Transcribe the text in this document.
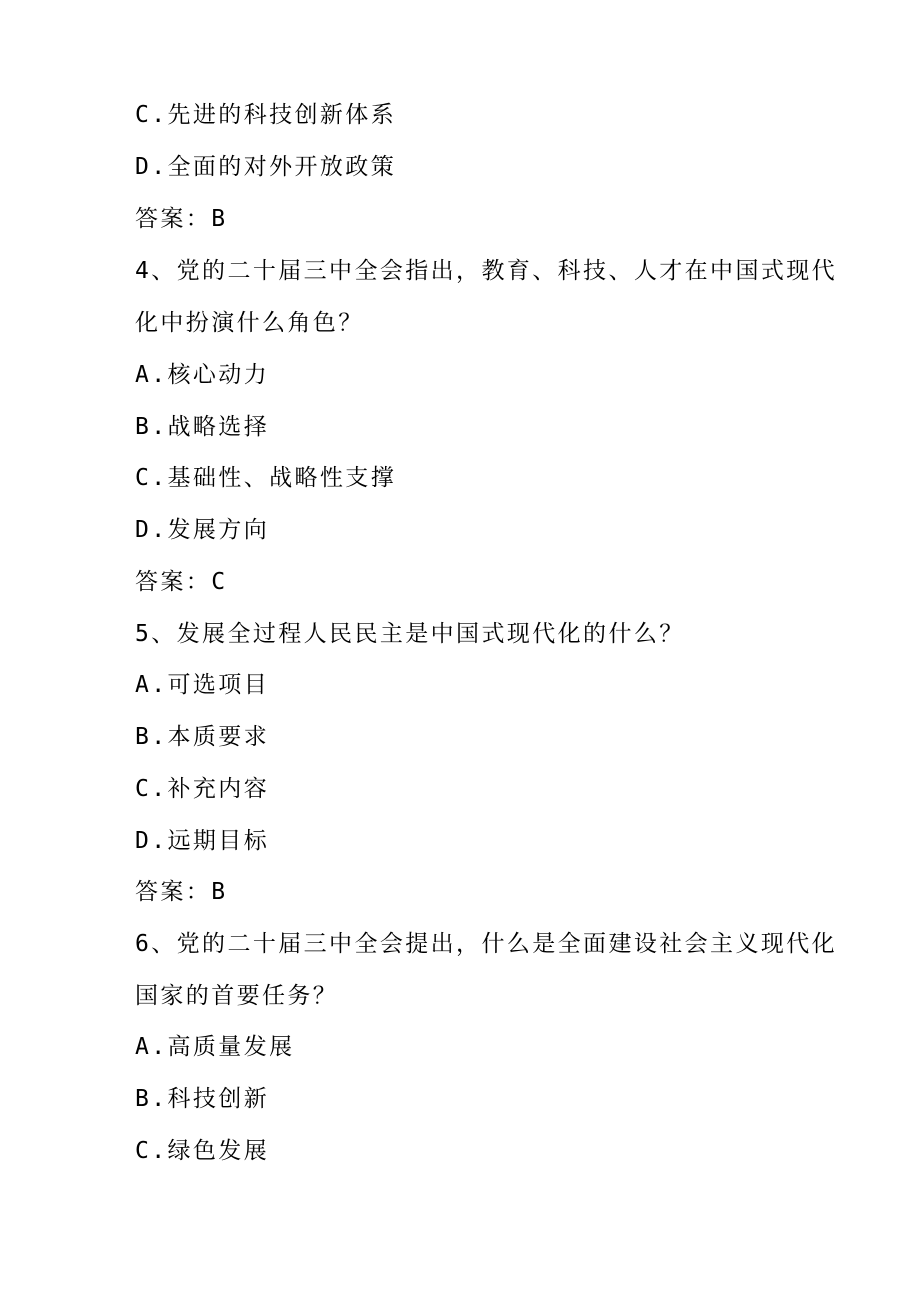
C.先进的科技创新体系
D.全面的对外开放政策
答案：B
4、党的二十届三中全会指出，教育、科技、人才在中国式现代
化中扮演什么角色？
A.核心动力
B.战略选择
C.基础性、战略性支撑
D.发展方向
答案：C
5、发展全过程人民民主是中国式现代化的什么？
A.可选项目
B.本质要求
C.补充内容
D.远期目标
答案：B
6、党的二十届三中全会提出，什么是全面建设社会主义现代化
国家的首要任务？
A.高质量发展
B.科技创新
C.绿色发展
